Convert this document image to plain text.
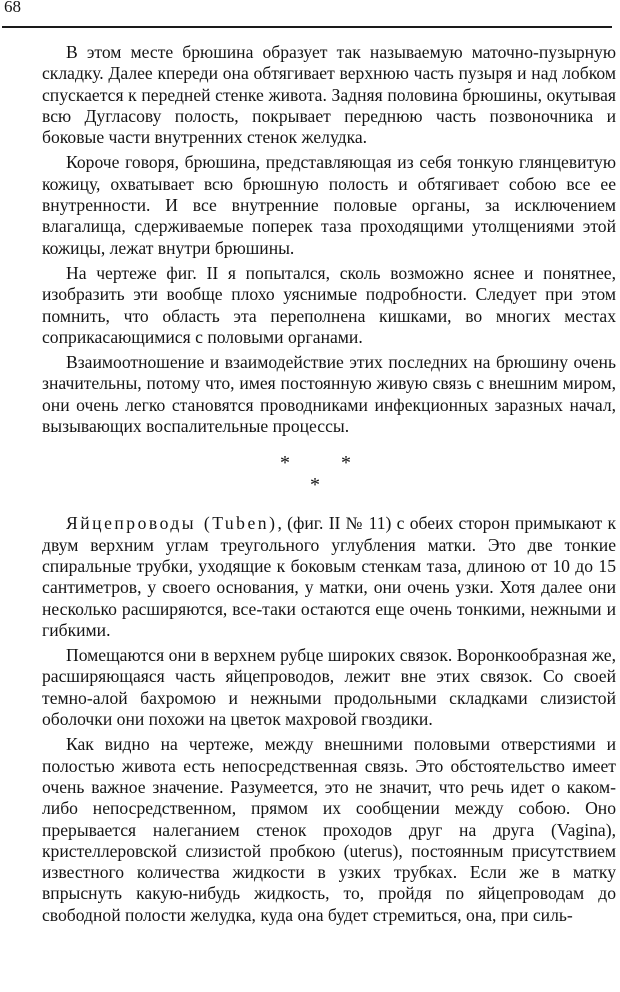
68

В этом месте брюшина образует так называемую маточно-пузырную складку. Далее кпереди она обтягивает верхнюю часть пузыря и над лобком спускается к передней стенке живота. Задняя половина брюшины, окутывая всю Дугласову полость, покрывает переднюю часть позвоночника и боковые части внутренних стенок желудка.

Короче говоря, брюшина, представляющая из себя тонкую глянцевитую кожицу, охватывает всю брюшную полость и обтягивает собою все ее внутренности. И все внутренние половые органы, за исключением влагалища, сдерживаемые поперек таза проходящими утолщениями этой кожицы, лежат внутри брюшины.

На чертеже фиг. II я попытался, сколь возможно яснее и понятнее, изобразить эти вообще плохо уяснимые подробности. Следует при этом помнить, что область эта переполнена кишками, во многих местах соприкасающимися с половыми органами.

Взаимоотношение и взаимодействие этих последних на брюшину очень значительны, потому что, имея постоянную живую связь с внешним миром, они очень легко становятся проводниками инфекционных заразных начал, вызывающих воспалительные процессы.

*	*
*

Яйцепроводы (Tuben), (фиг. II № 11) с обеих сторон примыкают к двум верхним углам треугольного углубления матки. Это две тонкие спиральные трубки, уходящие к боковым стенкам таза, длиною от 10 до 15 сантиметров, у своего основания, у матки, они очень узки. Хотя далее они несколько расширяются, все-таки остаются еще очень тонкими, нежными и гибкими.

Помещаются они в верхнем рубце широких связок. Воронкообразная же, расширяющаяся часть яйцепроводов, лежит вне этих связок. Со своей темно-алой бахромою и нежными продольными складками слизистой оболочки они похожи на цветок махровой гвоздики.

Как видно на чертеже, между внешними половыми отверстиями и полостью живота есть непосредственная связь. Это обстоятельство имеет очень важное значение. Разумеется, это не значит, что речь идет о каком-либо непосредственном, прямом их сообщении между собою. Оно прерывается налеганием стенок проходов друг на друга (Vagina), кристеллеровской слизистой пробкою (uterus), постоянным присутствием известного количества жидкости в узких трубках. Если же в матку впрыснуть какую-нибудь жидкость, то, пройдя по яйцепроводам до свободной полости желудка, куда она будет стремиться, она, при силь-
